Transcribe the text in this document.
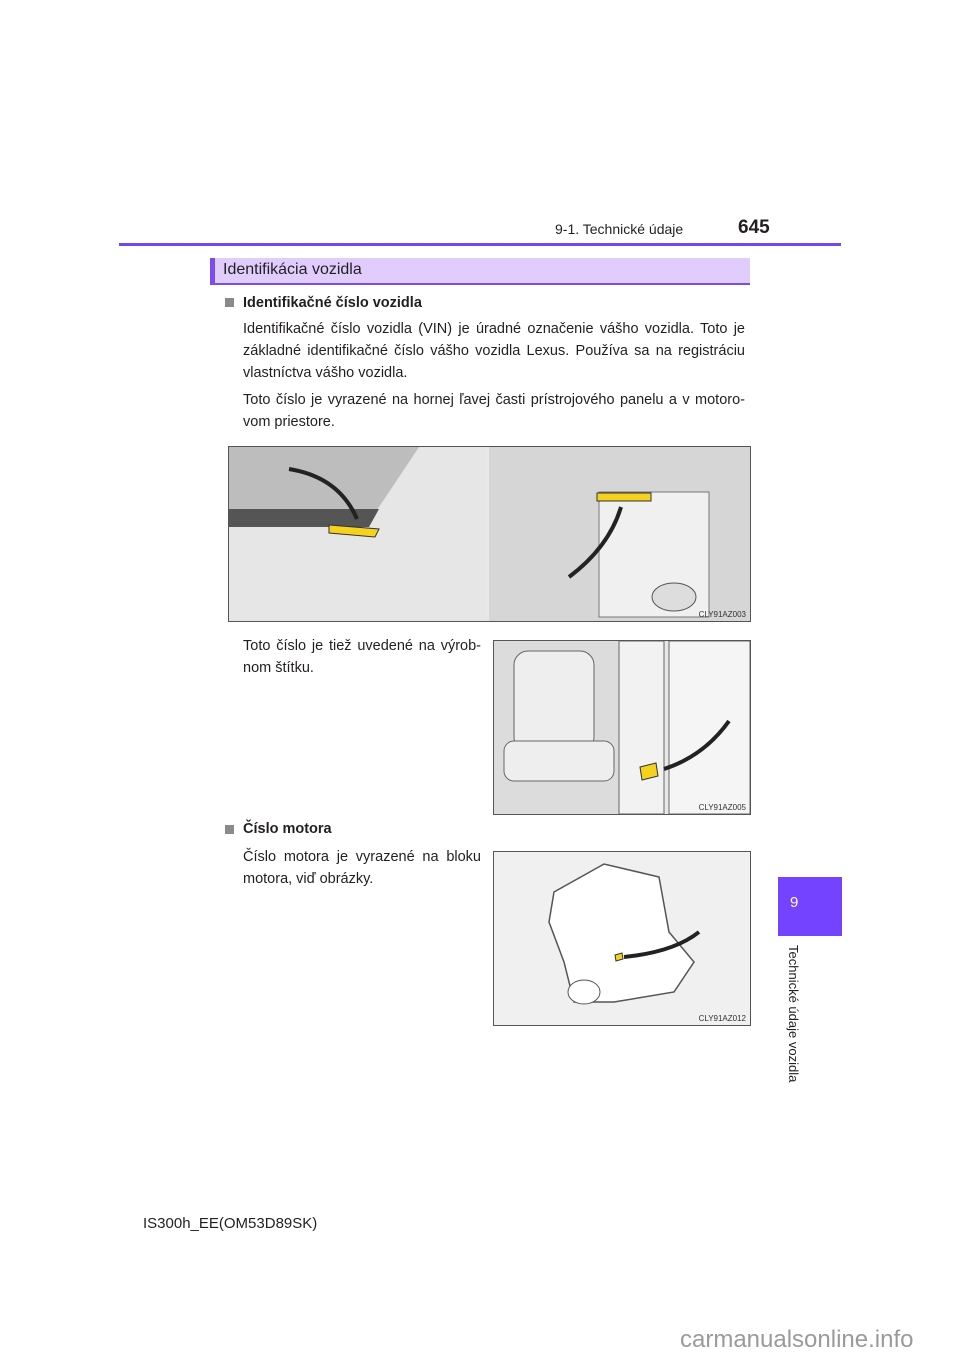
9-1. Technické údaje	645
Identifikácia vozidla
Identifikačné číslo vozidla
Identifikačné číslo vozidla (VIN) je úradné označenie vášho vozidla. Toto je základné identifikačné číslo vášho vozidla Lexus. Používa sa na registráciu vlastníctva vášho vozidla.
Toto číslo je vyrazené na hornej ľavej časti prístrojového panelu a v motoro-vom priestore.
CLY91AZ003
Toto číslo je tiež uvedené na výrob-nom štítku.
CLY91AZ005
Číslo motora
Číslo motora je vyrazené na bloku motora, viď obrázky.
CLY91AZ012
9
Technické údaje vozidla
IS300h_EE(OM53D89SK)
carmanualsonline.info
